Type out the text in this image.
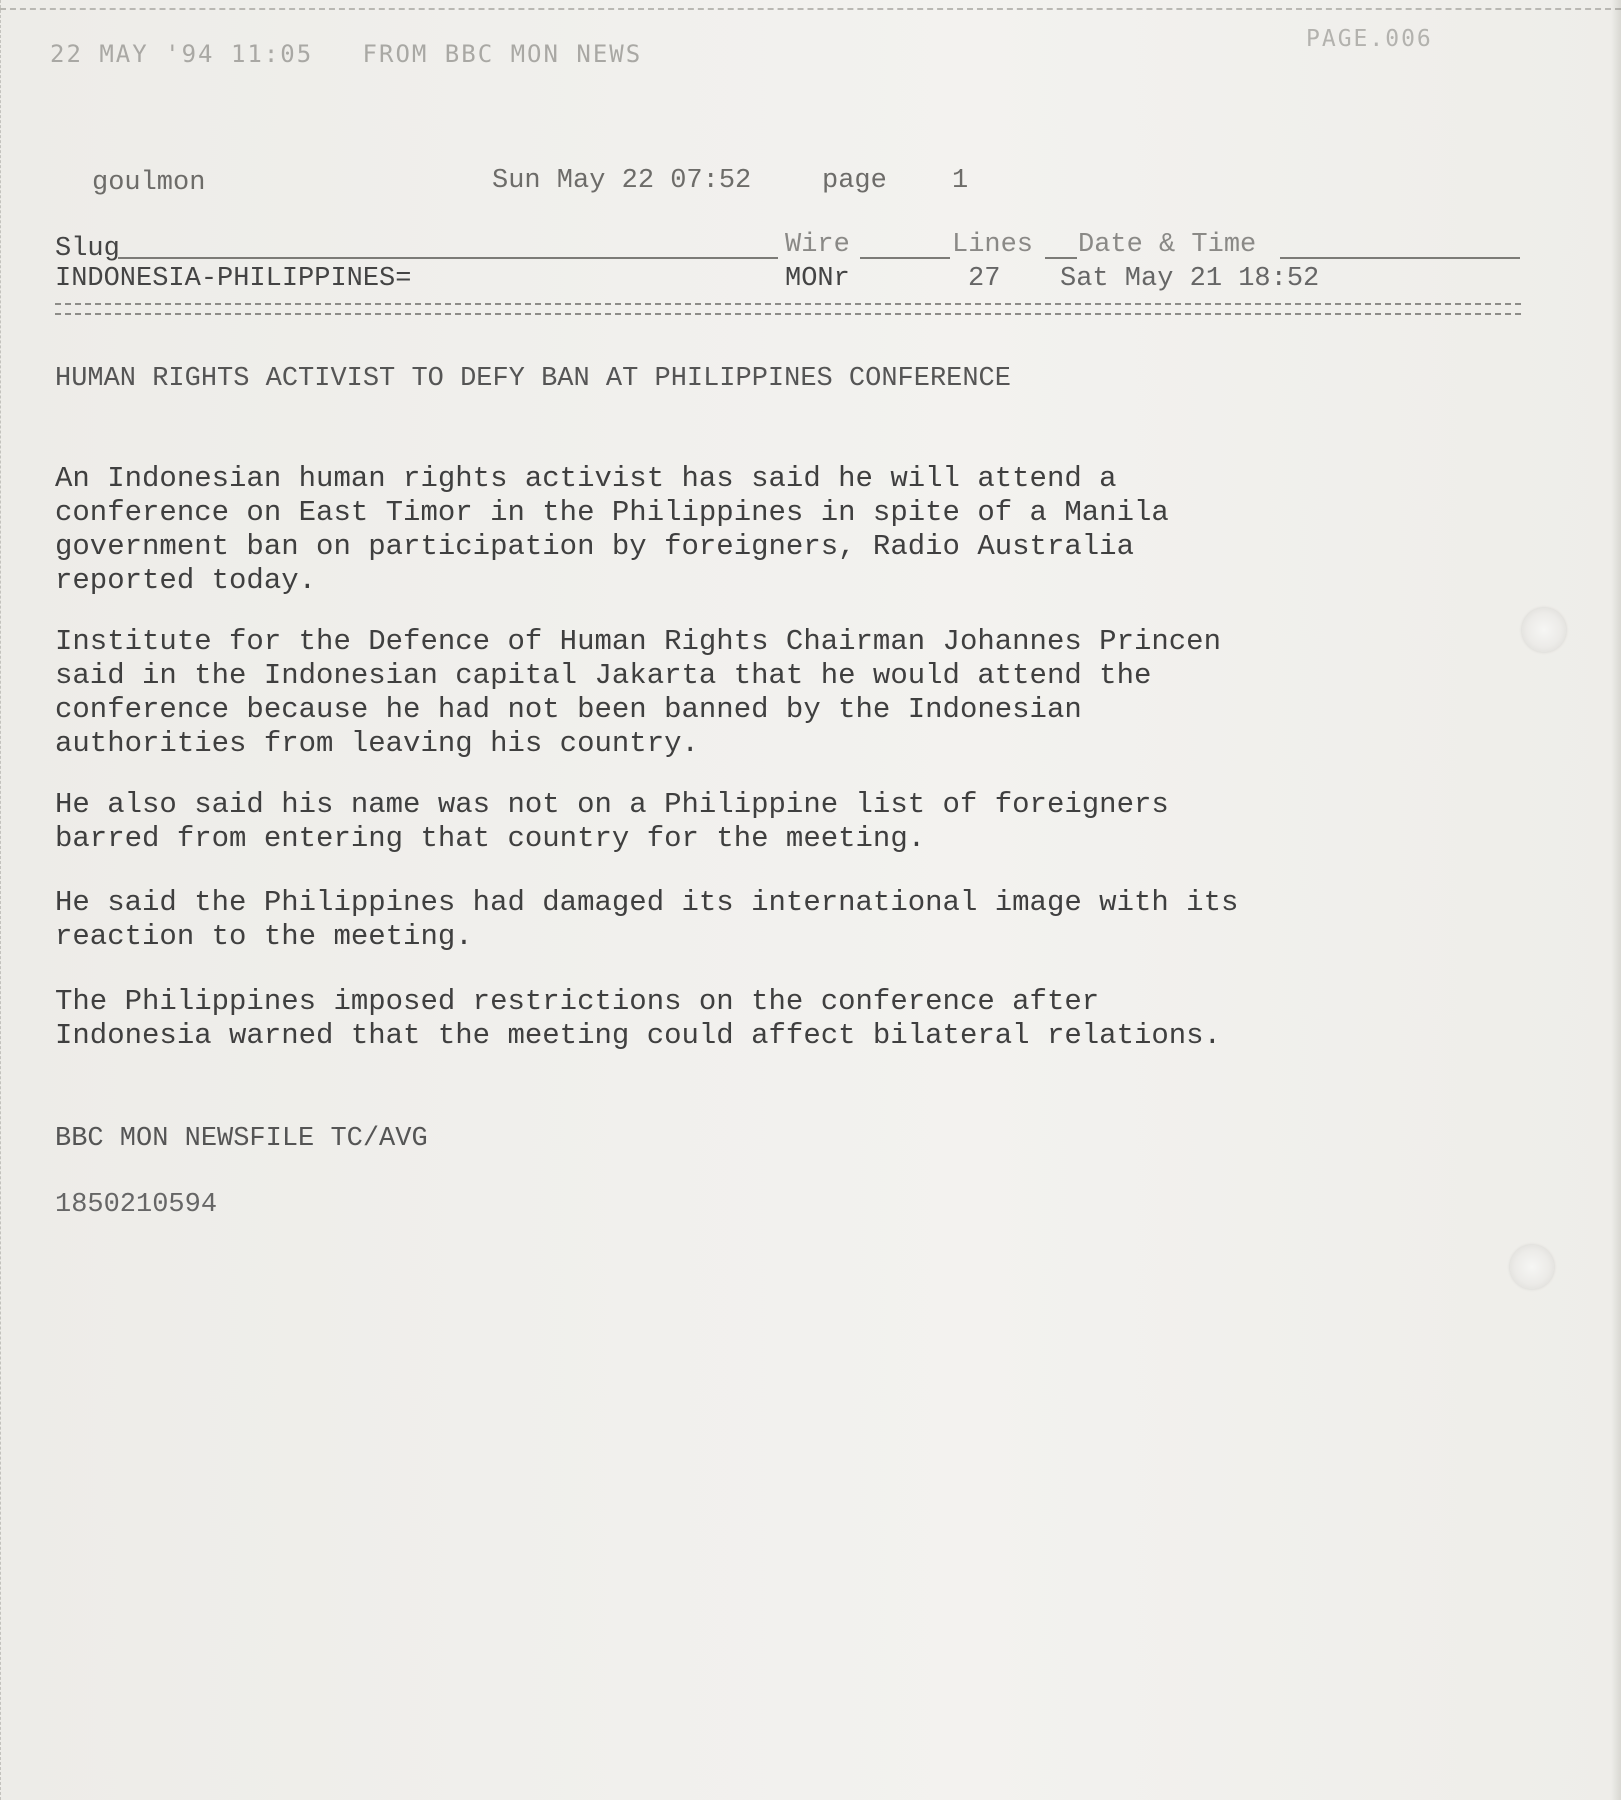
22 MAY '94 11:05 FROM BBC MON NEWS
PAGE.006
goulmon	Sun May 22 07:52	page 1
Slug	Wire	Lines Date & Time
INDONESIA-PHILIPPINES=	MONr	27 Sat May 21 18:52
HUMAN RIGHTS ACTIVIST TO DEFY BAN AT PHILIPPINES CONFERENCE
An Indonesian human rights activist has said he will attend a
conference on East Timor in the Philippines in spite of a Manila
government ban on participation by foreigners, Radio Australia
reported today.
Institute for the Defence of Human Rights Chairman Johannes Princen
said in the Indonesian capital Jakarta that he would attend the
conference because he had not been banned by the Indonesian
authorities from leaving his country.
He also said his name was not on a Philippine list of foreigners
barred from entering that country for the meeting.
He said the Philippines had damaged its international image with its
reaction to the meeting.
The Philippines imposed restrictions on the conference after
Indonesia warned that the meeting could affect bilateral relations.
BBC MON NEWSFILE TC/AVG
1850210594
